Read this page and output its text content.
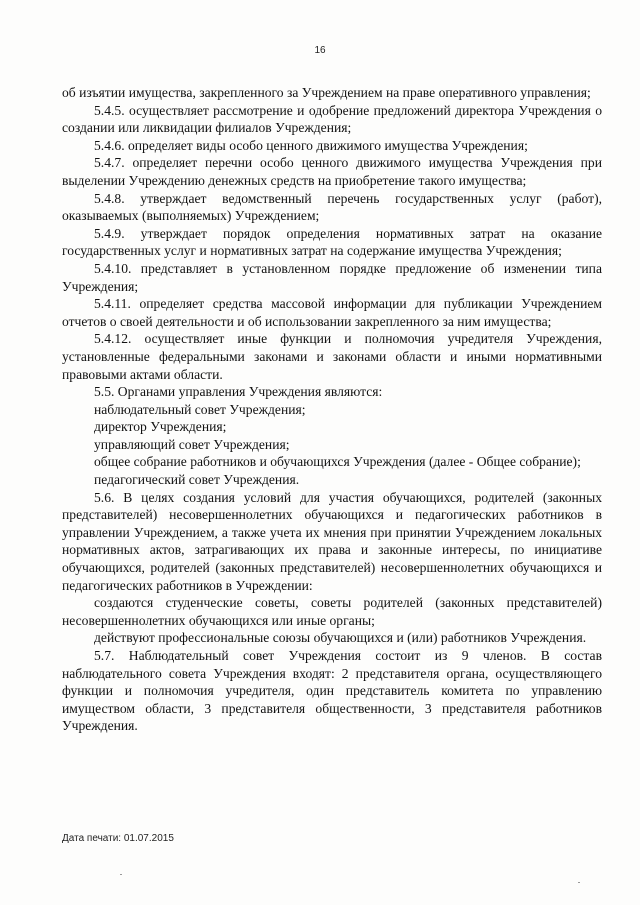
16

об изъятии имущества, закрепленного за Учреждением на праве оперативного управления;

5.4.5. осуществляет рассмотрение и одобрение предложений директора Учреждения о создании или ликвидации филиалов Учреждения;

5.4.6. определяет виды особо ценного движимого имущества Учреждения;

5.4.7. определяет перечни особо ценного движимого имущества Учреждения при выделении Учреждению денежных средств на приобретение такого имущества;

5.4.8. утверждает ведомственный перечень государственных услуг (работ), оказываемых (выполняемых) Учреждением;

5.4.9. утверждает порядок определения нормативных затрат на оказание государственных услуг и нормативных затрат на содержание имущества Учреждения;

5.4.10. представляет в установленном порядке предложение об изменении типа Учреждения;

5.4.11. определяет средства массовой информации для публикации Учреждением отчетов о своей деятельности и об использовании закрепленного за ним имущества;

5.4.12. осуществляет иные функции и полномочия учредителя Учреждения, установленные федеральными законами и законами области и иными нормативными правовыми актами области.

5.5. Органами управления Учреждения являются:

наблюдательный совет Учреждения;

директор Учреждения;

управляющий совет Учреждения;

общее собрание работников и обучающихся Учреждения (далее - Общее собрание);

педагогический совет Учреждения.

5.6. В целях создания условий для участия обучающихся, родителей (законных представителей) несовершеннолетних обучающихся и педагогических работников в управлении Учреждением, а также учета их мнения при принятии Учреждением локальных нормативных актов, затрагивающих их права и законные интересы, по инициативе обучающихся, родителей (законных представителей) несовершеннолетних обучающихся и педагогических работников в Учреждении:

создаются студенческие советы, советы родителей (законных представителей) несовершеннолетних обучающихся или иные органы;

действуют профессиональные союзы обучающихся и (или) работников Учреждения.

5.7. Наблюдательный совет Учреждения состоит из 9 членов. В состав наблюдательного совета Учреждения входят: 2 представителя органа, осуществляющего функции и полномочия учредителя, один представитель комитета по управлению имуществом области, 3 представителя общественности, 3 представителя работников Учреждения.

Дата печати: 01.07.2015
